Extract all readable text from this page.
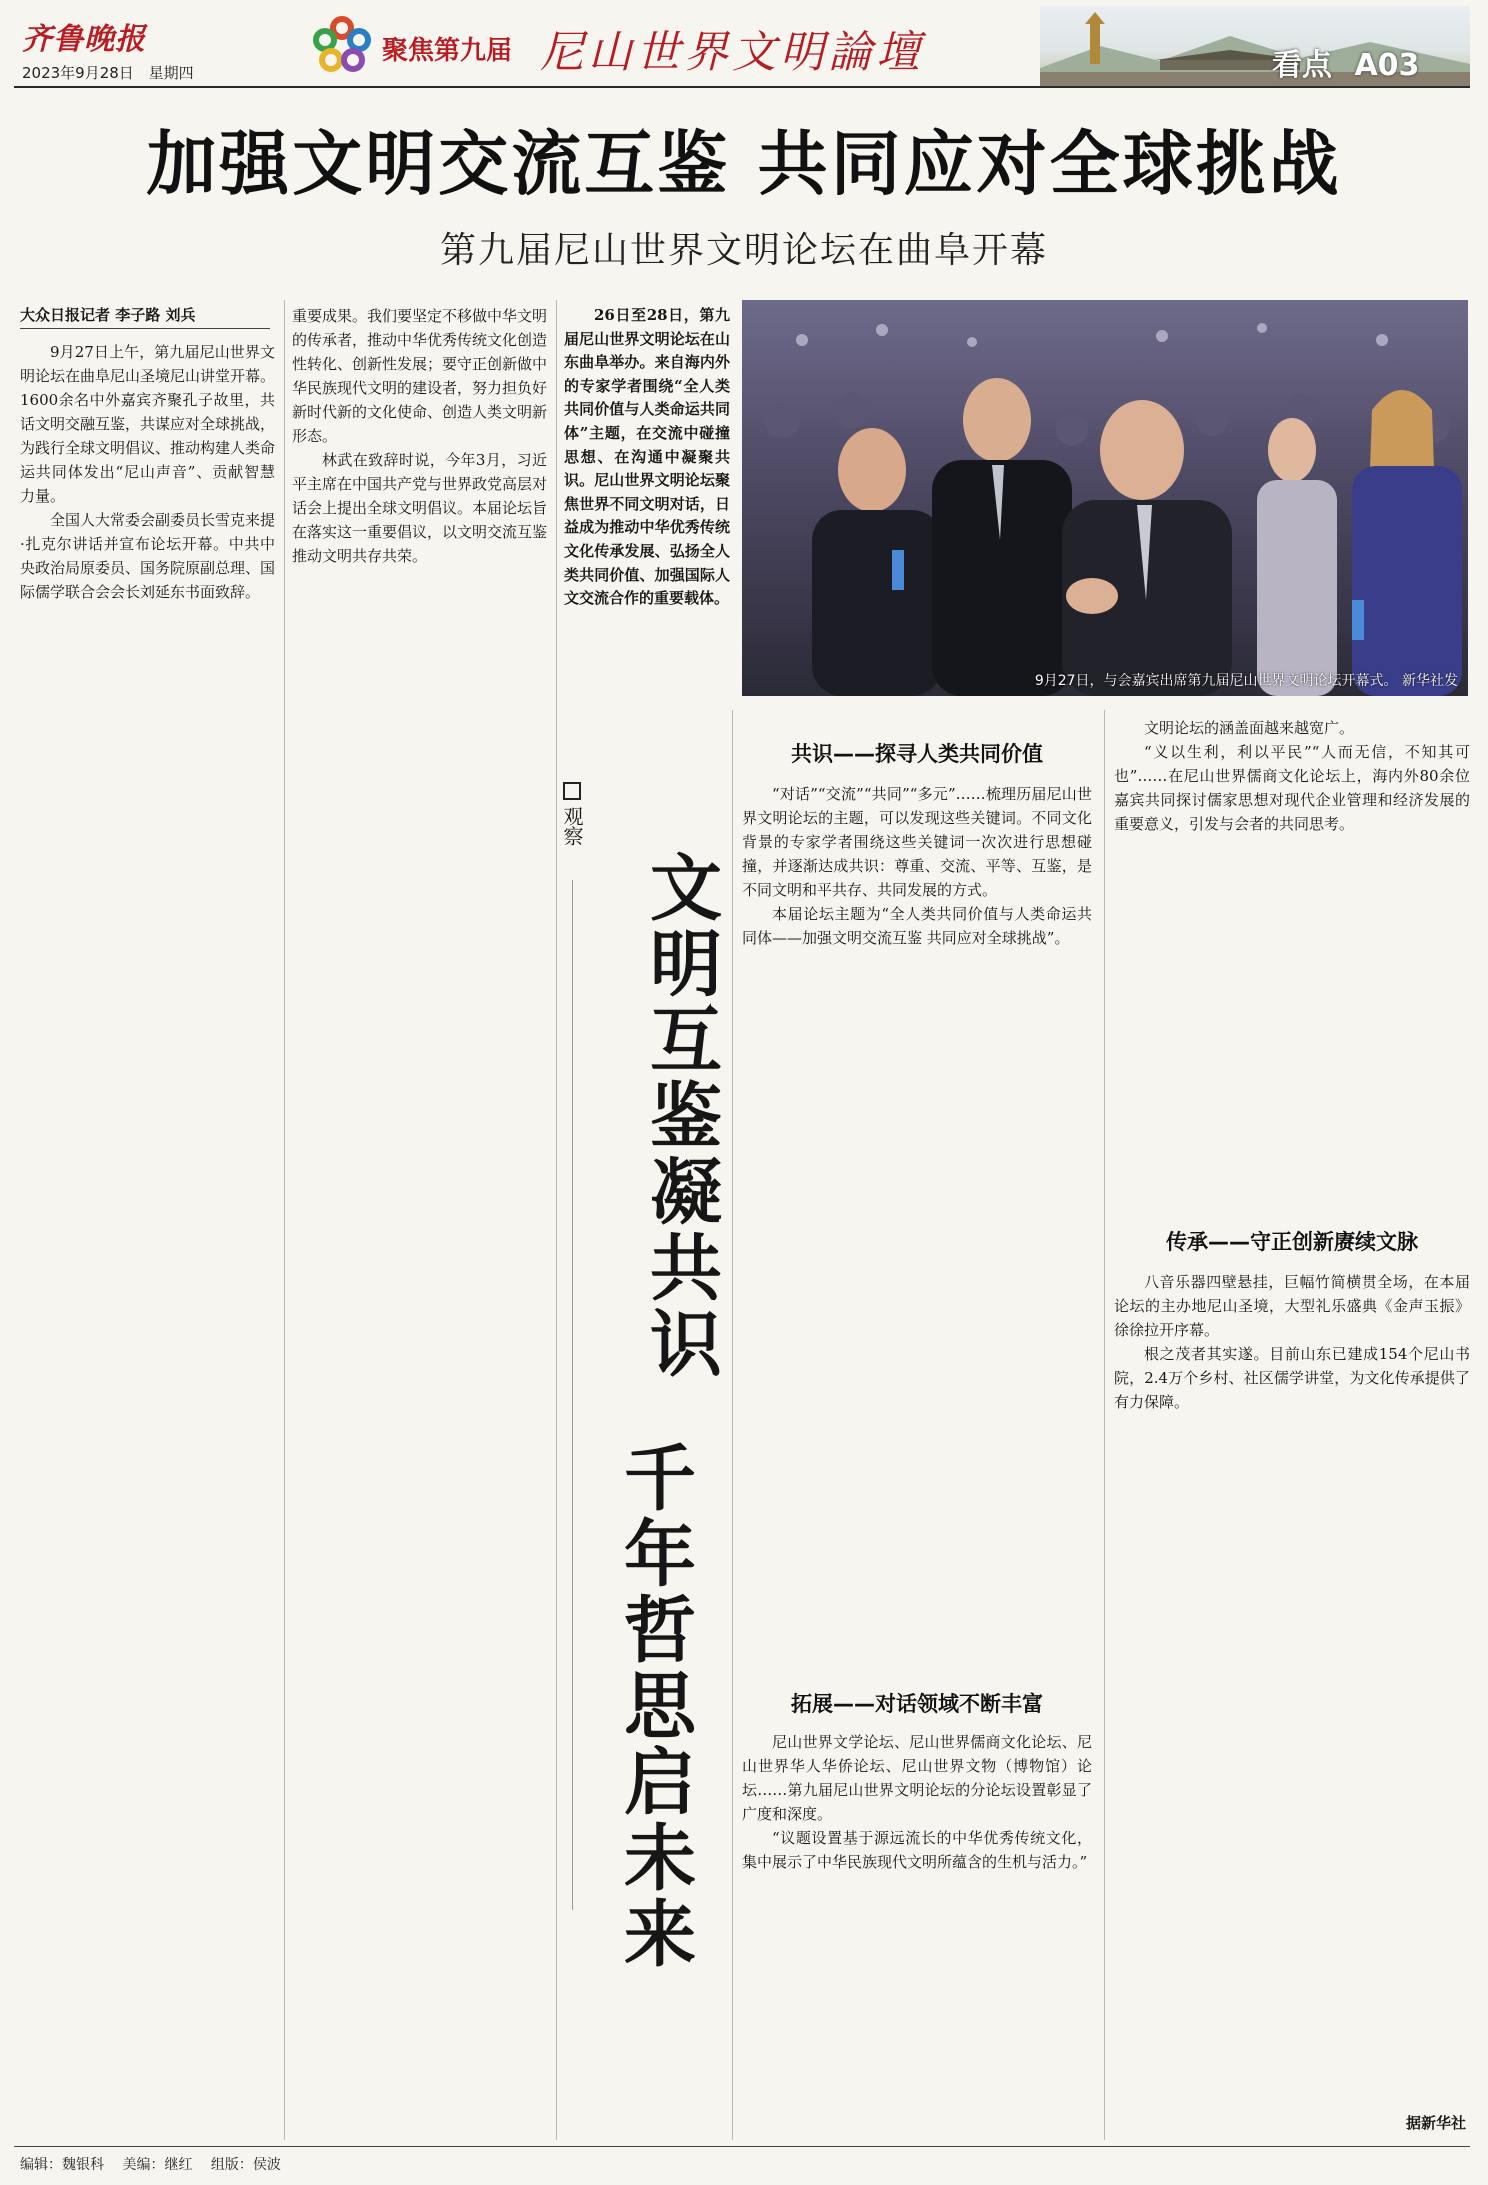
齐鲁晚报
2023年9月28日 星期四
聚焦第九届 尼山世界文明論壇	看点 A03
加强文明交流互鉴 共同应对全球挑战
第九届尼山世界文明论坛在曲阜开幕
大众日报记者 李子路 刘兵

9月27日上午，第九届尼山世界文明论坛在曲阜尼山圣境尼山讲堂开幕。1600余名中外嘉宾齐聚孔子故里，共话文明交融互鉴，共谋应对全球挑战，为践行全球文明倡议、推动构建人类命运共同体发出“尼山声音”、贡献智慧力量。

全国人大常委会副委员长雪克来提·扎克尔讲话并宣布论坛开幕。中共中央政治局原委员、国务院原副总理、国际儒学联合会会长刘延东书面致辞。

重要成果。我们要坚定不移做中华文明的传承者，推动中华优秀传统文化创造性转化、创新性发展；要守正创新做中华民族现代文明的建设者，努力担负好新时代新的文化使命、创造人类文明新形态。

林武在致辞时说，今年3月，习近平主席在中国共产党与世界政党高层对话会上提出全球文明倡议。本届论坛旨在落实这一重要倡议，以文明交流互鉴推动文明共存共荣。

26日至28日，第九届尼山世界文明论坛在山东曲阜举办。来自海内外的专家学者围绕“全人类共同价值与人类命运共同体”主题，在交流中碰撞思想、在沟通中凝聚共识。尼山世界文明论坛聚焦世界不同文明对话，日益成为推动中华优秀传统文化传承发展、弘扬全人类共同价值、加强国际人文交流合作的重要载体。
9月27日，与会嘉宾出席第九届尼山世界文明论坛开幕式。 新华社发
观察
文明互鉴凝共识
千年哲思启未来
共识——探寻人类共同价值

“对话”“交流”“共同”“多元”……梳理历届尼山世界文明论坛的主题，可以发现这些关键词。不同文化背景的专家学者围绕这些关键词一次次进行思想碰撞，并逐渐达成共识：尊重、交流、平等、互鉴，是不同文明和平共存、共同发展的方式。

本届论坛主题为“全人类共同价值与人类命运共同体——加强文明交流互鉴 共同应对全球挑战”。

拓展——对话领域不断丰富

尼山世界文学论坛、尼山世界儒商文化论坛、尼山世界华人华侨论坛、尼山世界文物（博物馆）论坛……第九届尼山世界文明论坛的分论坛设置彰显了广度和深度。

“议题设置基于源远流长的中华优秀传统文化，集中展示了中华民族现代文明所蕴含的生机与活力。”

文明论坛的涵盖面越来越宽广。

“义以生利，利以平民”“人而无信，不知其可也”……在尼山世界儒商文化论坛上，海内外80余位嘉宾共同探讨儒家思想对现代企业管理和经济发展的重要意义，引发与会者的共同思考。

传承——守正创新赓续文脉

八音乐器四壁悬挂，巨幅竹简横贯全场，在本届论坛的主办地尼山圣境，大型礼乐盛典《金声玉振》徐徐拉开序幕。

根之茂者其实遂。目前山东已建成154个尼山书院，2.4万个乡村、社区儒学讲堂，为文化传承提供了有力保障。

据新华社
编辑：魏银科 美编：继红 组版：侯波
